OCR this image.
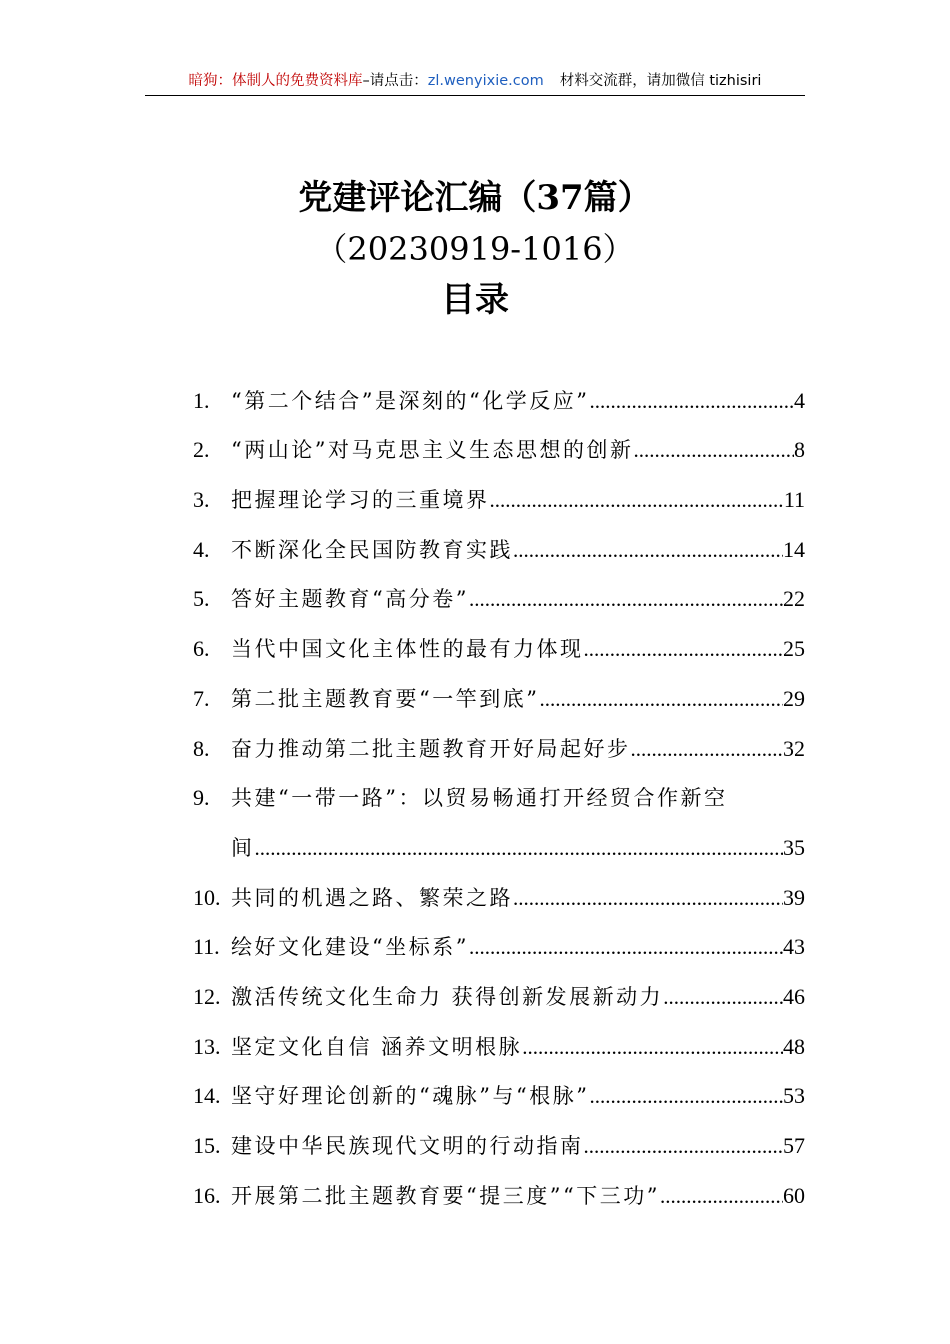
暗狗：体制人的免费资料库–请点击：zl.wenyixie.com 材料交流群，请加微信 tizhisiri
党建评论汇编（37篇）
（20230919-1016）
目录
1.	“第二个结合”是深刻的“化学反应” .....	4
2.	“两山论”对马克思主义生态思想的创新 .....	8
3.	把握理论学习的三重境界 .....	11
4.	不断深化全民国防教育实践 .....	14
5.	答好主题教育“高分卷” .....	22
6.	当代中国文化主体性的最有力体现 .....	25
7.	第二批主题教育要“一竿到底” .....	29
8.	奋力推动第二批主题教育开好局起好步 .....	32
9.	共建“一带一路”：以贸易畅通打开经贸合作新空
间 .....	35
10. 共同的机遇之路、繁荣之路 .....	39
11. 绘好文化建设“坐标系” .....	43
12. 激活传统文化生命力 获得创新发展新动力 .....	46
13. 坚定文化自信 涵养文明根脉 .....	48
14. 坚守好理论创新的“魂脉”与“根脉” .....	53
15. 建设中华民族现代文明的行动指南 .....	57
16. 开展第二批主题教育要“提三度”“下三功” .....	60
